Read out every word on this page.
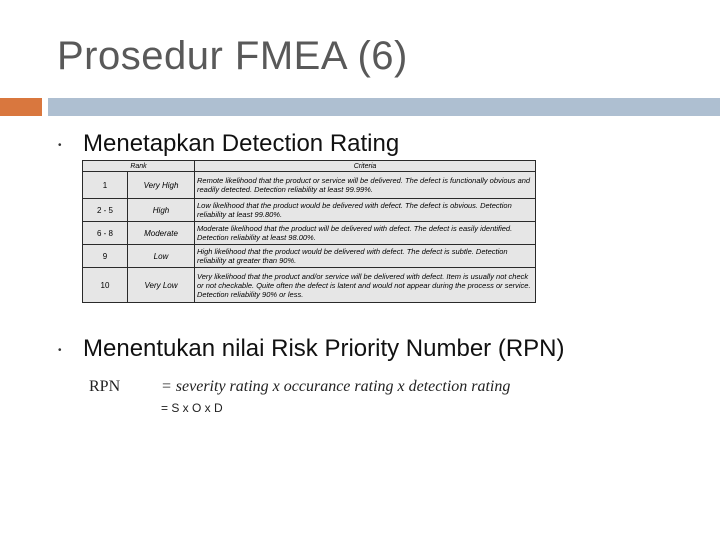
Prosedur FMEA (6)
• Menetapkan Detection Rating
Rank		Criteria
1	Very High	Remote likelihood that the product or service will be delivered. The defect is functionally obvious and readily detected. Detection reliability at least 99.99%.
2 - 5	High	Low likelihood that the product would be delivered with defect. The defect is obvious. Detection reliability at least 99.80%.
6 - 8	Moderate	Moderate likelihood that the product will be delivered with defect. The defect is easily identified. Detection reliability at least 98.00%.
9	Low	High likelihood that the product would be delivered with defect. The defect is subtle. Detection reliability at greater than 90%.
10	Very Low	Very likelihood that the product and/or service will be delivered with defect. Item is usually not check or not checkable. Quite often the defect is latent and would not appear during the process or service. Detection reliability 90% or less.
• Menentukan nilai Risk Priority Number (RPN)
RPN	= severity rating x occurance rating x detection rating
= S x O x D
